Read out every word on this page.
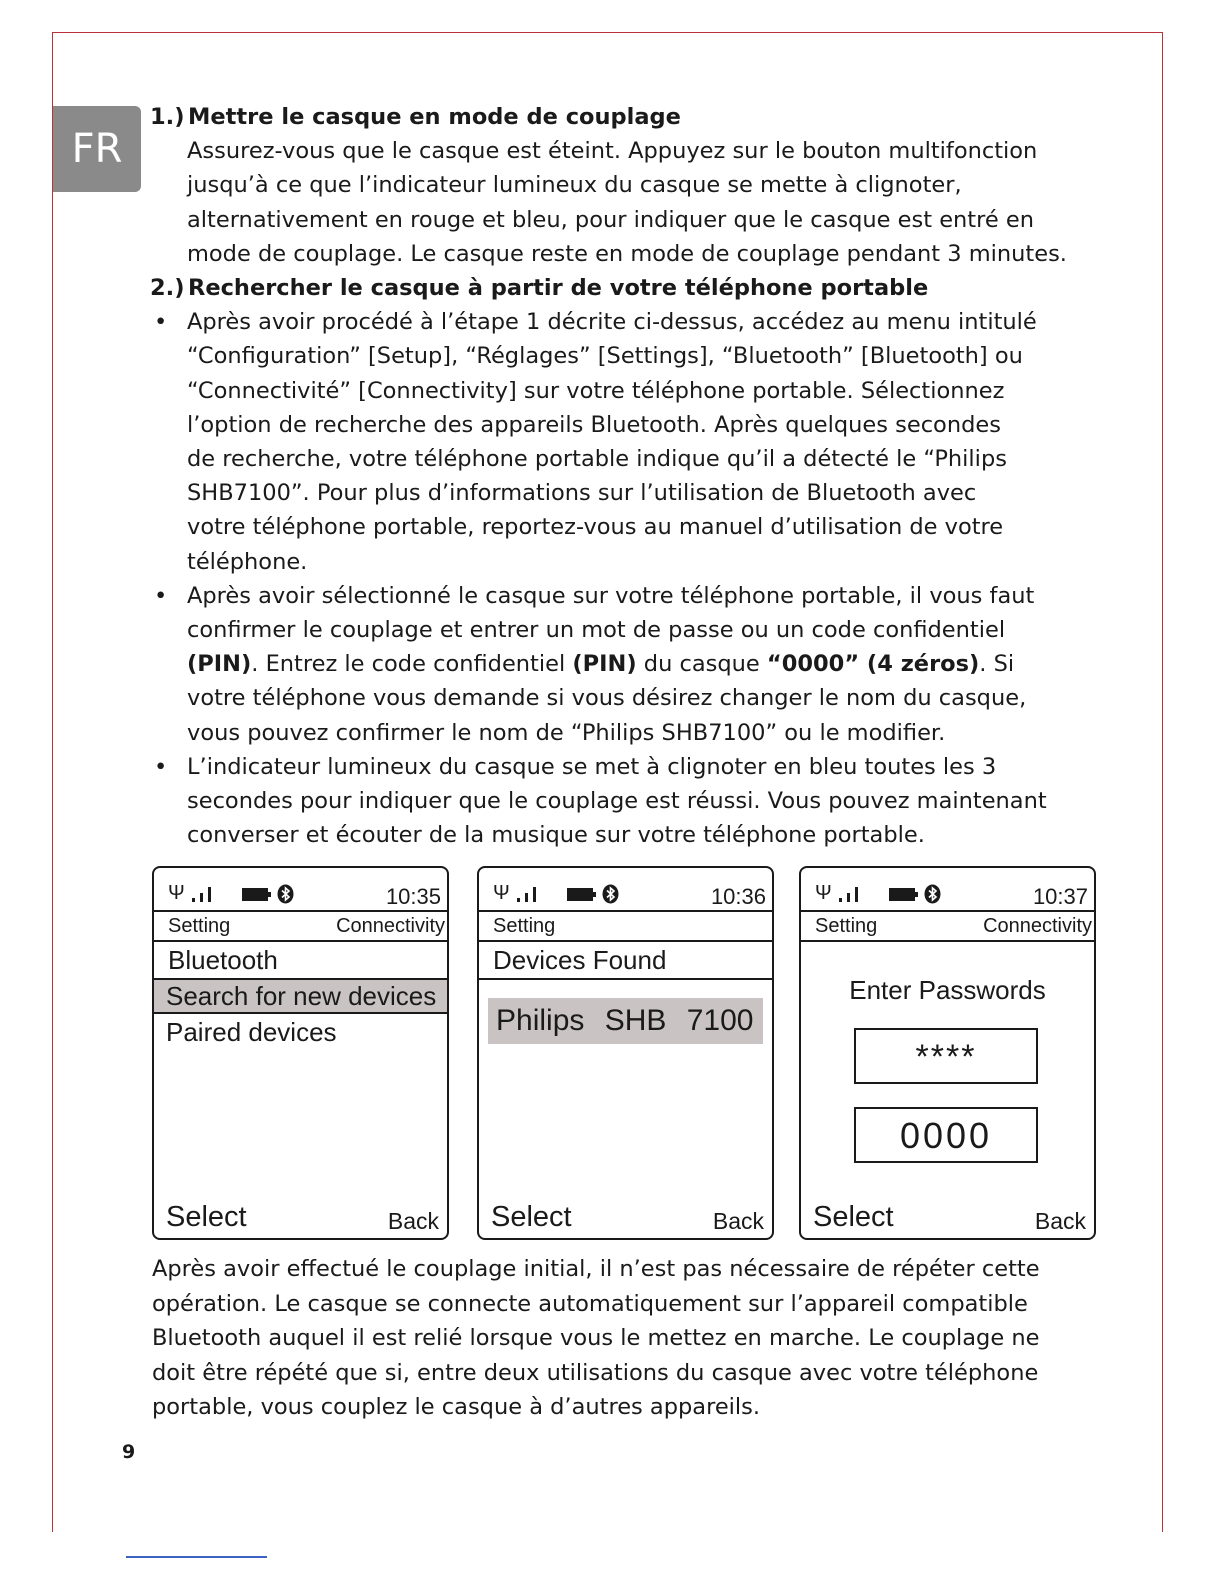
FR

1.) Mettre le casque en mode de couplage

Assurez-vous que le casque est éteint. Appuyez sur le bouton multifonction
jusqu’à ce que l’indicateur lumineux du casque se mette à clignoter,
alternativement en rouge et bleu, pour indiquer que le casque est entré en
mode de couplage. Le casque reste en mode de couplage pendant 3 minutes.

2.) Rechercher le casque à partir de votre téléphone portable

• Après avoir procédé à l’étape 1 décrite ci-dessus, accédez au menu intitulé
“Configuration” [Setup], “Réglages” [Settings], “Bluetooth” [Bluetooth] ou
“Connectivité” [Connectivity] sur votre téléphone portable. Sélectionnez
l’option de recherche des appareils Bluetooth. Après quelques secondes
de recherche, votre téléphone portable indique qu’il a détecté le “Philips
SHB7100”. Pour plus d’informations sur l’utilisation de Bluetooth avec
votre téléphone portable, reportez-vous au manuel d’utilisation de votre
téléphone.

• Après avoir sélectionné le casque sur votre téléphone portable, il vous faut
confirmer le couplage et entrer un mot de passe ou un code confidentiel
(PIN). Entrez le code confidentiel (PIN) du casque “0000” (4 zéros). Si
votre téléphone vous demande si vous désirez changer le nom du casque,
vous pouvez confirmer le nom de “Philips SHB7100” ou le modifier.

• L’indicateur lumineux du casque se met à clignoter en bleu toutes les 3
secondes pour indiquer que le couplage est réussi. Vous pouvez maintenant
converser et écouter de la musique sur votre téléphone portable.

Ψ	10:35
Setting	Connectivity
Bluetooth
Search for new devices
Paired devices
Select	Back
Ψ	10:36
Setting
Devices Found
Philips SHB 7100
Select	Back
Ψ	10:37
Setting	Connectivity
Enter Passwords
****
0000
Select	Back

Après avoir effectué le couplage initial, il n’est pas nécessaire de répéter cette
opération. Le casque se connecte automatiquement sur l’appareil compatible
Bluetooth auquel il est relié lorsque vous le mettez en marche. Le couplage ne
doit être répété que si, entre deux utilisations du casque avec votre téléphone
portable, vous couplez le casque à d’autres appareils.

9
